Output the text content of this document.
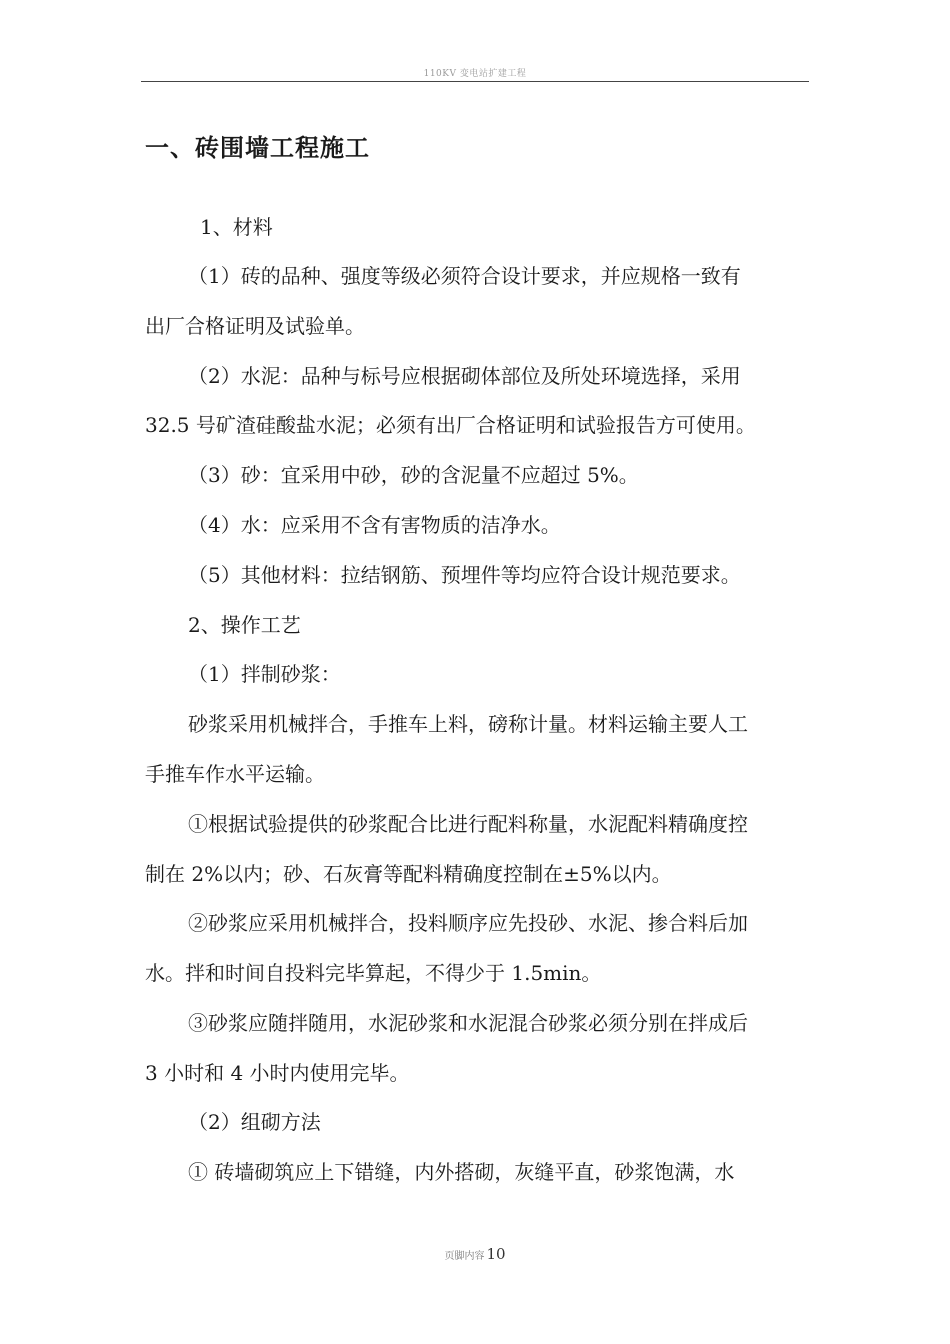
110KV 变电站扩建工程
一、砖围墙工程施工
1、材料
（1）砖的品种、强度等级必须符合设计要求，并应规格一致有
出厂合格证明及试验单。
（2）水泥：品种与标号应根据砌体部位及所处环境选择，采用
32.5 号矿渣硅酸盐水泥；必须有出厂合格证明和试验报告方可使用。
（3）砂：宜采用中砂，砂的含泥量不应超过 5%。
（4）水：应采用不含有害物质的洁净水。
（5）其他材料：拉结钢筋、预埋件等均应符合设计规范要求。
2、操作工艺
（1）拌制砂浆：
砂浆采用机械拌合，手推车上料，磅称计量。材料运输主要人工
手推车作水平运输。
①根据试验提供的砂浆配合比进行配料称量，水泥配料精确度控
制在 2%以内；砂、石灰膏等配料精确度控制在±5%以内。
②砂浆应采用机械拌合，投料顺序应先投砂、水泥、掺合料后加
水。拌和时间自投料完毕算起，不得少于 1.5min。
③砂浆应随拌随用，水泥砂浆和水泥混合砂浆必须分别在拌成后
3 小时和 4 小时内使用完毕。
（2）组砌方法
① 砖墙砌筑应上下错缝，内外搭砌，灰缝平直，砂浆饱满，水
页脚内容 10
